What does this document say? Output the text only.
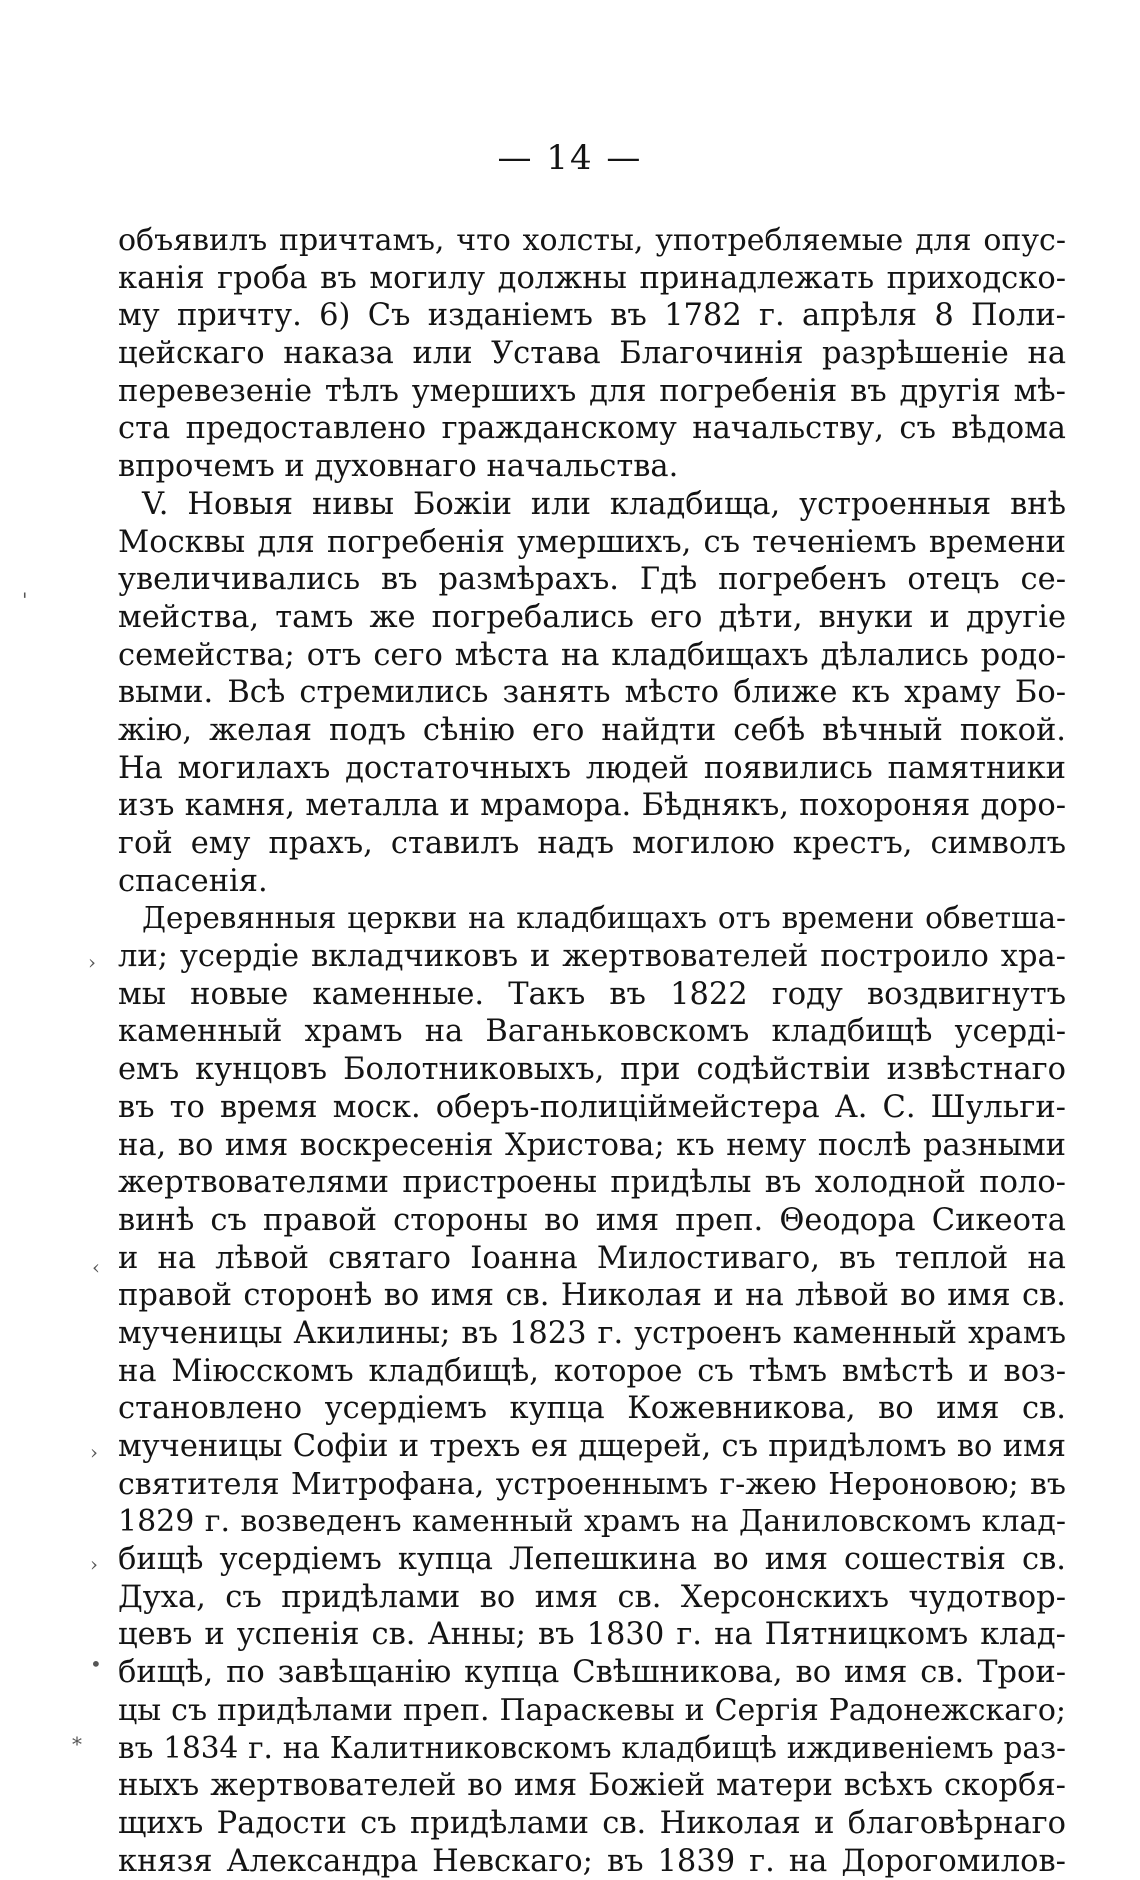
— 14 —
объявилъ причтамъ, что холсты, употребляемые для опус-
канія гроба въ могилу должны принадлежать приходско-
му причту. 6) Съ изданіемъ въ 1782 г. апрѣля 8 Поли-
цейскаго наказа или Устава Благочинія разрѣшеніе на
перевезеніе тѣлъ умершихъ для погребенія въ другія мѣ-
ста предоставлено гражданскому начальству, съ вѣдома
впрочемъ и духовнаго начальства.
V. Новыя нивы Божіи или кладбища, устроенныя внѣ
Москвы для погребенія умершихъ, съ теченіемъ времени
увеличивались въ размѣрахъ. Гдѣ погребенъ отецъ се-
мейства, тамъ же погребались его дѣти, внуки и другіе
семейства; отъ сего мѣста на кладбищахъ дѣлались родо-
выми. Всѣ стремились занять мѣсто ближе къ храму Бо-
жію, желая подъ сѣнію его найдти себѣ вѣчный покой.
На могилахъ достаточныхъ людей появились памятники
изъ камня, металла и мрамора. Бѣднякъ, похороняя доро-
гой ему прахъ, ставилъ надъ могилою крестъ, символъ
спасенія.
Деревянныя церкви на кладбищахъ отъ времени обветша-
ли; усердіе вкладчиковъ и жертвователей построило хра-
мы новые каменные. Такъ въ 1822 году воздвигнутъ
каменный храмъ на Ваганьковскомъ кладбищѣ усерді-
емъ кунцовъ Болотниковыхъ, при содѣйствіи извѣстнаго
въ то время моск. оберъ-полиціймейстера А. С. Шульги-
на, во имя воскресенія Христова; къ нему послѣ разными
жертвователями пристроены придѣлы въ холодной поло-
винѣ съ правой стороны во имя преп. Θеодора Сикеота
и на лѣвой святаго Іоанна Милостиваго, въ теплой на
правой сторонѣ во имя св. Николая и на лѣвой во имя св.
мученицы Акилины; въ 1823 г. устроенъ каменный храмъ
на Міюсскомъ кладбищѣ, которое съ тѣмъ вмѣстѣ и воз-
становлено усердіемъ купца Кожевникова, во имя св.
мученицы Софіи и трехъ ея дщерей, съ придѣломъ во имя
святителя Митрофана, устроеннымъ г-жею Нероновою; въ
1829 г. возведенъ каменный храмъ на Даниловскомъ клад-
бищѣ усердіемъ купца Лепешкина во имя сошествія св.
Духа, съ придѣлами во имя св. Херсонскихъ чудотвор-
цевъ и успенія св. Анны; въ 1830 г. на Пятницкомъ клад-
бищѣ, по завѣщанію купца Свѣшникова, во имя св. Трои-
цы съ придѣлами преп. Параскевы и Сергія Радонежскаго;
въ 1834 г. на Калитниковскомъ кладбищѣ иждивеніемъ раз-
ныхъ жертвователей во имя Божіей матери всѣхъ скорбя-
щихъ Радости съ придѣлами св. Николая и благовѣрнаго
князя Александра Невскаго; въ 1839 г. на Дорогомилов-
'
›
‹
›
›
•
⁎
